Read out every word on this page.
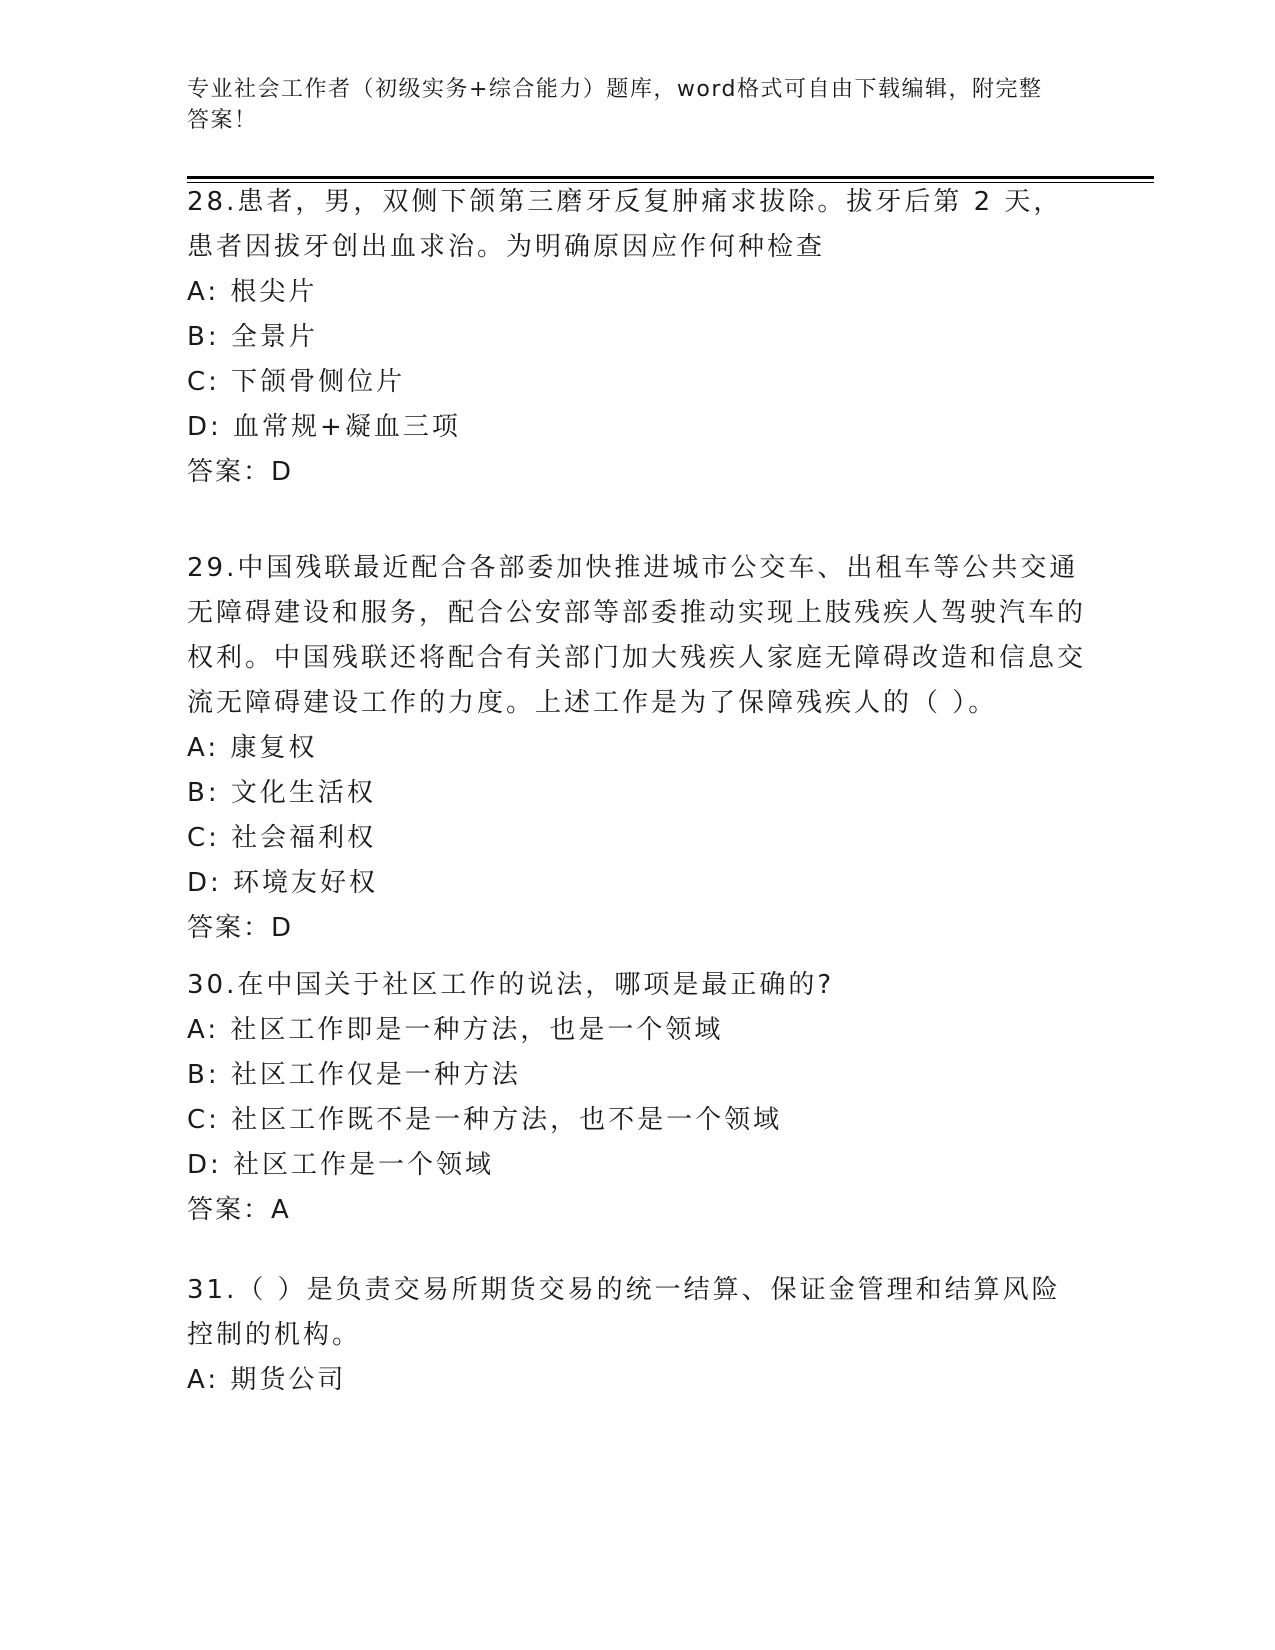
专业社会工作者（初级实务+综合能力）题库，word格式可自由下载编辑，附完整
答案！

28.患者，男，双侧下颌第三磨牙反复肿痛求拔除。拔牙后第 2 天，患者因拔牙创出血求治。为明确原因应作何种检查

A: 根尖片
B: 全景片
C: 下颌骨侧位片
D: 血常规+凝血三项
答案：D

29.中国残联最近配合各部委加快推进城市公交车、出租车等公共交通无障碍建设和服务，配合公安部等部委推动实现上肢残疾人驾驶汽车的权利。中国残联还将配合有关部门加大残疾人家庭无障碍改造和信息交流无障碍建设工作的力度。上述工作是为了保障残疾人的（ ）。

A: 康复权
B: 文化生活权
C: 社会福利权
D: 环境友好权
答案：D

30.在中国关于社区工作的说法，哪项是最正确的?

A: 社区工作即是一种方法，也是一个领域
B: 社区工作仅是一种方法
C: 社区工作既不是一种方法，也不是一个领域
D: 社区工作是一个领域
答案：A

31.（ ）是负责交易所期货交易的统一结算、保证金管理和结算风险控制的机构。

A: 期货公司
